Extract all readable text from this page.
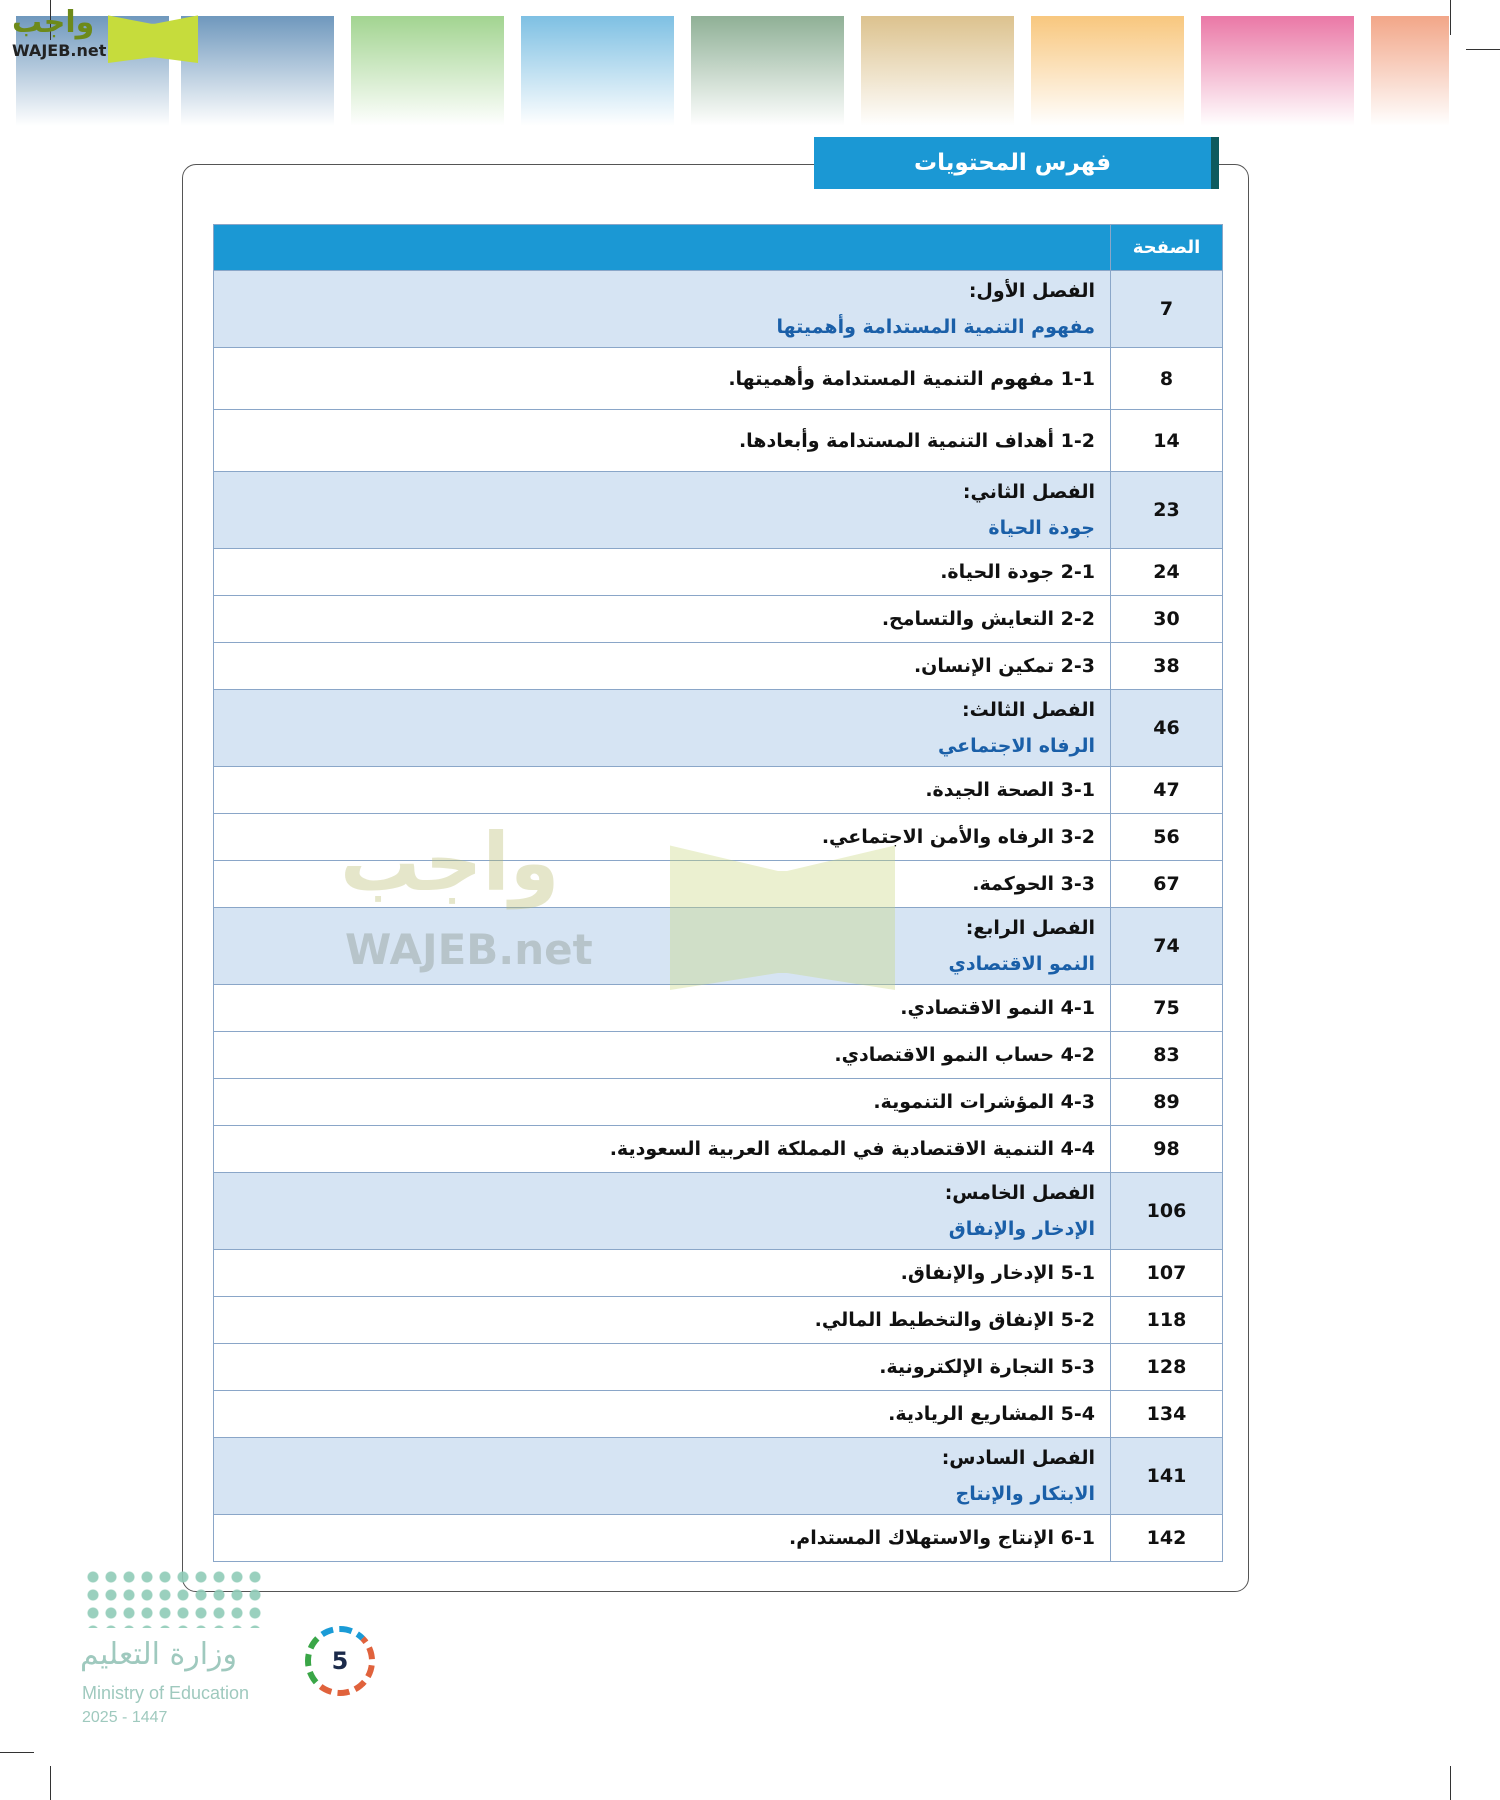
واجب
WAJEB.net
فهرس المحتويات
الصفحة	
7	الفصل الأول:
مفهوم التنمية المستدامة وأهميتها

8	1-1 مفهوم التنمية المستدامة وأهميتها.

14	1-2 أهداف التنمية المستدامة وأبعادها.

23	الفصل الثاني:
جودة الحياة

24	2-1 جودة الحياة.

30	2-2 التعايش والتسامح.

38	2-3 تمكين الإنسان.

46	الفصل الثالث:
الرفاه الاجتماعي

47	3-1 الصحة الجيدة.

56	3-2 الرفاه والأمن الاجتماعي.

67	3-3 الحوكمة.

74	الفصل الرابع:
النمو الاقتصادي

75	4-1 النمو الاقتصادي.

83	4-2 حساب النمو الاقتصادي.

89	4-3 المؤشرات التنموية.

98	4-4 التنمية الاقتصادية في المملكة العربية السعودية.

106	الفصل الخامس:
الإدخار والإنفاق

107	5-1 الإدخار والإنفاق.

118	5-2 الإنفاق والتخطيط المالي.

128	5-3 التجارة الإلكترونية.

134	5-4 المشاريع الريادية.

141	الفصل السادس:
الابتكار والإنتاج

142	6-1 الإنتاج والاستهلاك المستدام.
واجب
WAJEB.net
وزارة التعليم	5
Ministry of Education
2025 - 1447
